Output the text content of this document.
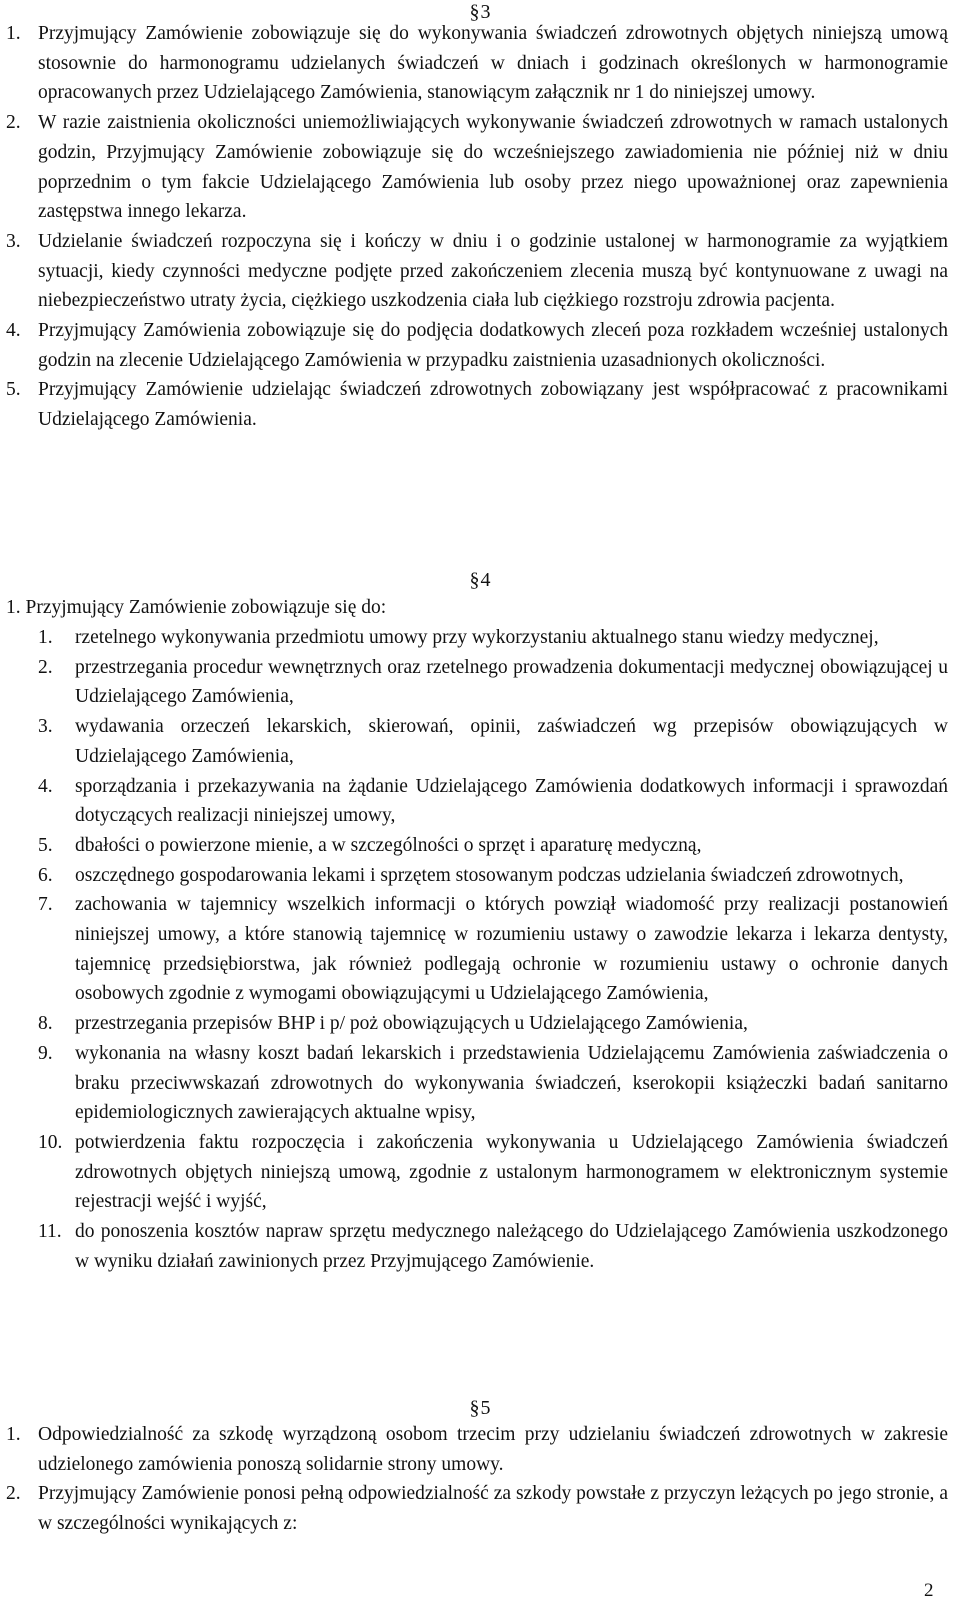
§3
1. Przyjmujący Zamówienie zobowiązuje się do wykonywania świadczeń zdrowotnych objętych niniejszą umową stosownie do harmonogramu udzielanych świadczeń w dniach i godzinach określonych w harmonogramie opracowanych przez Udzielającego Zamówienia, stanowiącym załącznik nr 1 do niniejszej umowy.
2. W razie zaistnienia okoliczności uniemożliwiających wykonywanie świadczeń zdrowotnych w ramach ustalonych godzin, Przyjmujący Zamówienie zobowiązuje się do wcześniejszego zawiadomienia nie później niż w dniu poprzednim o tym fakcie Udzielającego Zamówienia lub osoby przez niego upoważnionej oraz zapewnienia zastępstwa innego lekarza.
3. Udzielanie świadczeń rozpoczyna się i kończy w dniu i o godzinie ustalonej w harmonogramie za wyjątkiem sytuacji, kiedy czynności medyczne podjęte przed zakończeniem zlecenia muszą być kontynuowane z uwagi na niebezpieczeństwo utraty życia, ciężkiego uszkodzenia ciała lub ciężkiego rozstroju zdrowia pacjenta.
4. Przyjmujący Zamówienia zobowiązuje się do podjęcia dodatkowych zleceń poza rozkładem wcześniej ustalonych godzin na zlecenie Udzielającego Zamówienia w przypadku zaistnienia uzasadnionych okoliczności.
5. Przyjmujący Zamówienie udzielając świadczeń zdrowotnych zobowiązany jest współpracować z pracownikami Udzielającego Zamówienia.
§4
1. Przyjmujący Zamówienie zobowiązuje się do:
1.	rzetelnego wykonywania przedmiotu umowy przy wykorzystaniu aktualnego stanu wiedzy medycznej,
2.	przestrzegania procedur wewnętrznych oraz rzetelnego prowadzenia dokumentacji medycznej obowiązującej u Udzielającego Zamówienia,
3.	wydawania orzeczeń lekarskich, skierowań, opinii, zaświadczeń wg przepisów obowiązujących w Udzielającego Zamówienia,
4.	sporządzania i przekazywania na żądanie Udzielającego Zamówienia dodatkowych informacji i sprawozdań dotyczących realizacji niniejszej umowy,
5.	dbałości o powierzone mienie, a w szczególności o sprzęt i aparaturę medyczną,
6.	oszczędnego gospodarowania lekami i sprzętem stosowanym podczas udzielania świadczeń zdrowotnych,
7.	zachowania w tajemnicy wszelkich informacji o których powziął wiadomość przy realizacji postanowień niniejszej umowy, a które stanowią tajemnicę w rozumieniu ustawy o zawodzie lekarza i lekarza dentysty, tajemnicę przedsiębiorstwa, jak również podlegają ochronie w rozumieniu ustawy o ochronie danych osobowych zgodnie z wymogami obowiązującymi u Udzielającego Zamówienia,
8.	przestrzegania przepisów BHP i p/ poż obowiązujących u Udzielającego Zamówienia,
9.	wykonania na własny koszt badań lekarskich i przedstawienia Udzielającemu Zamówienia zaświadczenia o braku przeciwwskazań zdrowotnych do wykonywania świadczeń, kserokopii książeczki badań sanitarno epidemiologicznych zawierających aktualne wpisy,
10. potwierdzenia faktu rozpoczęcia i zakończenia wykonywania u Udzielającego Zamówienia świadczeń zdrowotnych objętych niniejszą umową, zgodnie z ustalonym harmonogramem w elektronicznym systemie rejestracji wejść i wyjść,
11. do ponoszenia kosztów napraw sprzętu medycznego należącego do Udzielającego Zamówienia uszkodzonego w wyniku działań zawinionych przez Przyjmującego Zamówienie.
§5
1. Odpowiedzialność za szkodę wyrządzoną osobom trzecim przy udzielaniu świadczeń zdrowotnych w zakresie udzielonego zamówienia ponoszą solidarnie strony umowy.
2. Przyjmujący Zamówienie ponosi pełną odpowiedzialność za szkody powstałe z przyczyn leżących po jego stronie, a w szczególności wynikających z:
2
